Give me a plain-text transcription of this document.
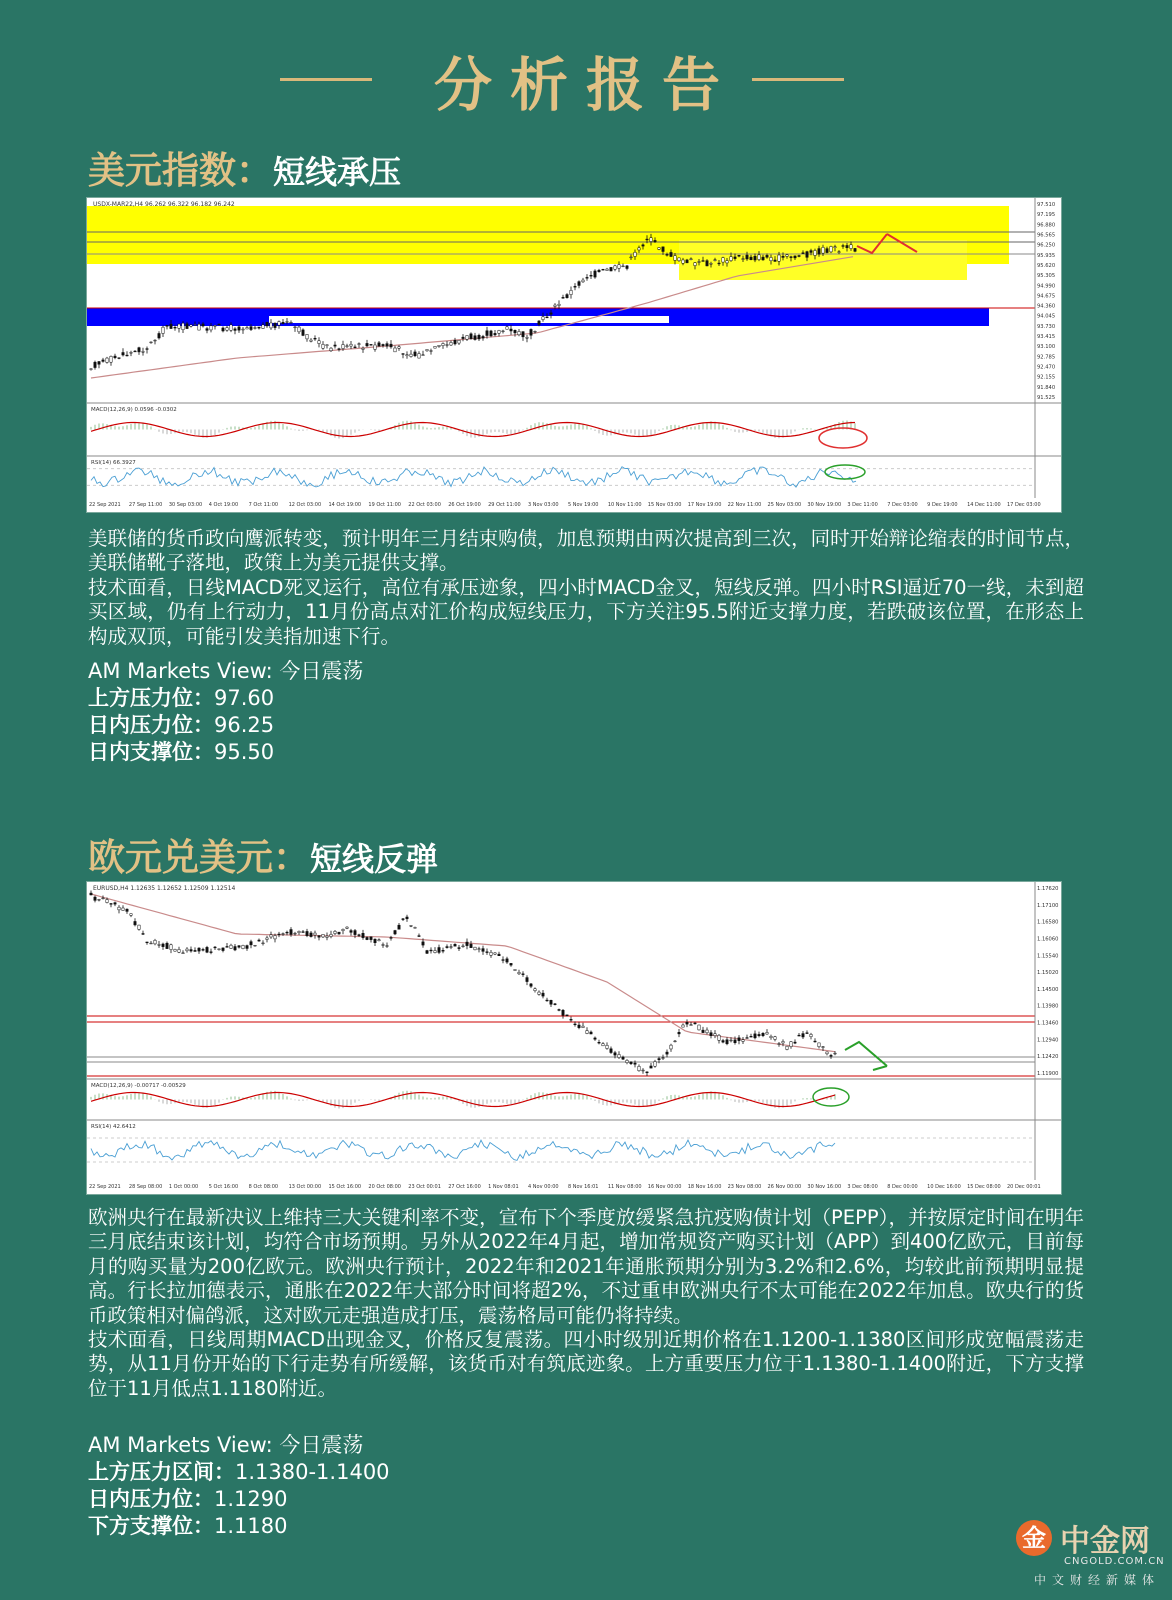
分析报告
美元指数：短线承压
USDX-MAR22,H4 96.262 96.322 96.182 96.242
MACD(12,26,9) 0.0596 -0.0302
RSI(14) 66.3927
97.510
97.195
96.880
96.565
96.250
95.935
95.620
95.305
94.990
94.675
94.360
94.045
93.730
93.415
93.100
92.785
92.470
92.155
91.840
91.525
22 Sep 2021 27 Sep 11:00 30 Sep 03:00 4 Oct 19:00 7 Oct 11:00 12 Oct 03:00 14 Oct 19:00 19 Oct 11:00 22 Oct 03:00 26 Oct 19:00 29 Oct 11:00 3 Nov 03:00 5 Nov 19:00 10 Nov 11:00 15 Nov 03:00 17 Nov 19:00 22 Nov 11:00 25 Nov 03:00 30 Nov 19:00 3 Dec 11:00 7 Dec 03:00 9 Dec 19:00 14 Dec 11:00 17 Dec 03:00
美联储的货币政向鹰派转变，预计明年三月结束购债，加息预期由两次提高到三次，同时开始辩论缩表的时间节点，美联储靴子落地，政策上为美元提供支撑。
技术面看，日线MACD死叉运行，高位有承压迹象，四小时MACD金叉，短线反弹。四小时RSI逼近70一线，未到超买区域，仍有上行动力，11月份高点对汇价构成短线压力，下方关注95.5附近支撑力度，若跌破该位置，在形态上构成双顶，可能引发美指加速下行。
AM Markets View: 今日震荡
上方压力位：97.60
日内压力位：96.25
日内支撑位：95.50
欧元兑美元：短线反弹
EURUSD,H4 1.12635 1.12652 1.12509 1.12514
MACD(12,26,9) -0.00717 -0.00529
RSI(14) 42.6412
1.17620
1.17100
1.16580
1.16060
1.15540
1.15020
1.14500
1.13980
1.13460
1.12940
1.12420
1.11900
22 Sep 2021 28 Sep 08:00 1 Oct 00:00 5 Oct 16:00 8 Oct 08:00 13 Oct 00:00 15 Oct 16:00 20 Oct 08:00 23 Oct 00:01 27 Oct 16:00 1 Nov 08:01 4 Nov 00:00 8 Nov 16:01 11 Nov 08:00 16 Nov 00:00 18 Nov 16:00 23 Nov 08:00 26 Nov 00:00 30 Nov 16:00 3 Dec 08:00 8 Dec 00:00 10 Dec 16:00 15 Dec 08:00 20 Dec 00:01
欧洲央行在最新决议上维持三大关键利率不变，宣布下个季度放缓紧急抗疫购债计划（PEPP），并按原定时间在明年三月底结束该计划，均符合市场预期。另外从2022年4月起，增加常规资产购买计划（APP）到400亿欧元，目前每月的购买量为200亿欧元。欧洲央行预计，2022年和2021年通胀预期分别为3.2%和2.6%，均较此前预期明显提高。行长拉加德表示，通胀在2022年大部分时间将超2%，不过重申欧洲央行不太可能在2022年加息。欧央行的货币政策相对偏鸽派，这对欧元走强造成打压，震荡格局可能仍将持续。
技术面看，日线周期MACD出现金叉，价格反复震荡。四小时级别近期价格在1.1200-1.1380区间形成宽幅震荡走势，从11月份开始的下行走势有所缓解，该货币对有筑底迹象。上方重要压力位于1.1380-1.1400附近，下方支撑位于11月低点1.1180附近。
AM Markets View: 今日震荡
上方压力区间：1.1380-1.1400
日内压力位：1.1290
下方支撑位：1.1180	金 中金网
CNGOLD.COM.CN
中文财经新媒体
